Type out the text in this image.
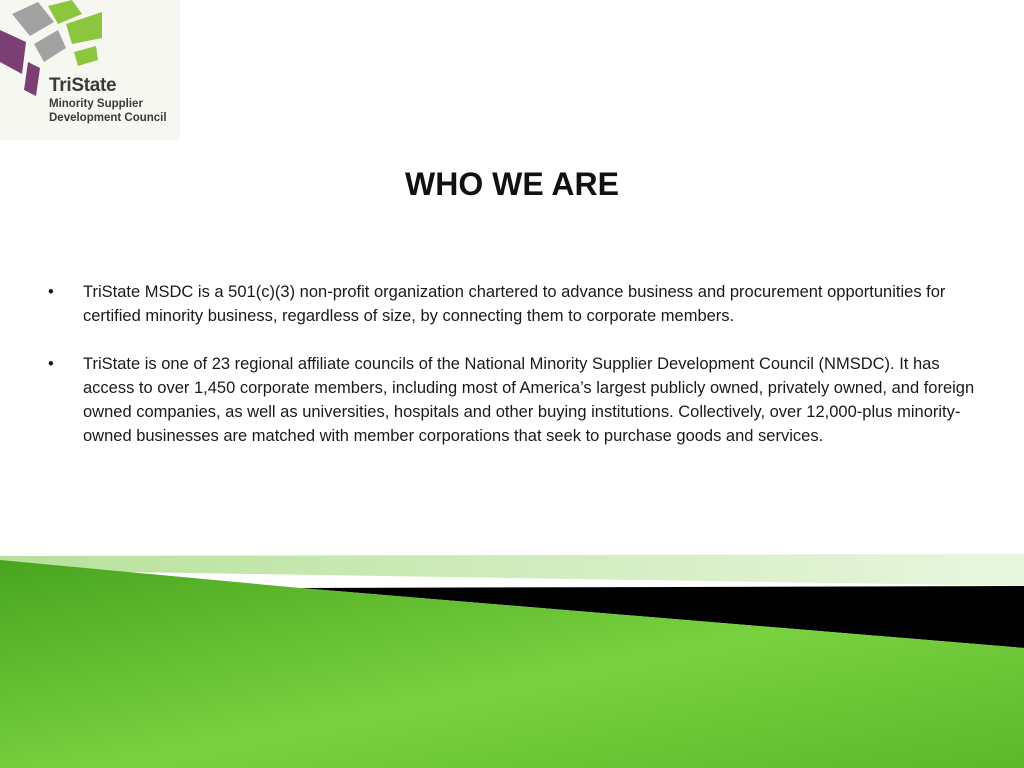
TriState
Minority Supplier
Development Council
WHO WE ARE
• TriState MSDC is a 501(c)(3) non-profit organization chartered to advance business and procurement opportunities for certified minority business, regardless of size, by connecting them to corporate members.
• TriState is one of 23 regional affiliate councils of the National Minority Supplier Development Council (NMSDC). It has access to over 1,450 corporate members, including most of America’s largest publicly owned, privately owned, and foreign owned companies, as well as universities, hospitals and other buying institutions. Collectively, over 12,000-plus minority-owned businesses are matched with member corporations that seek to purchase goods and services.
